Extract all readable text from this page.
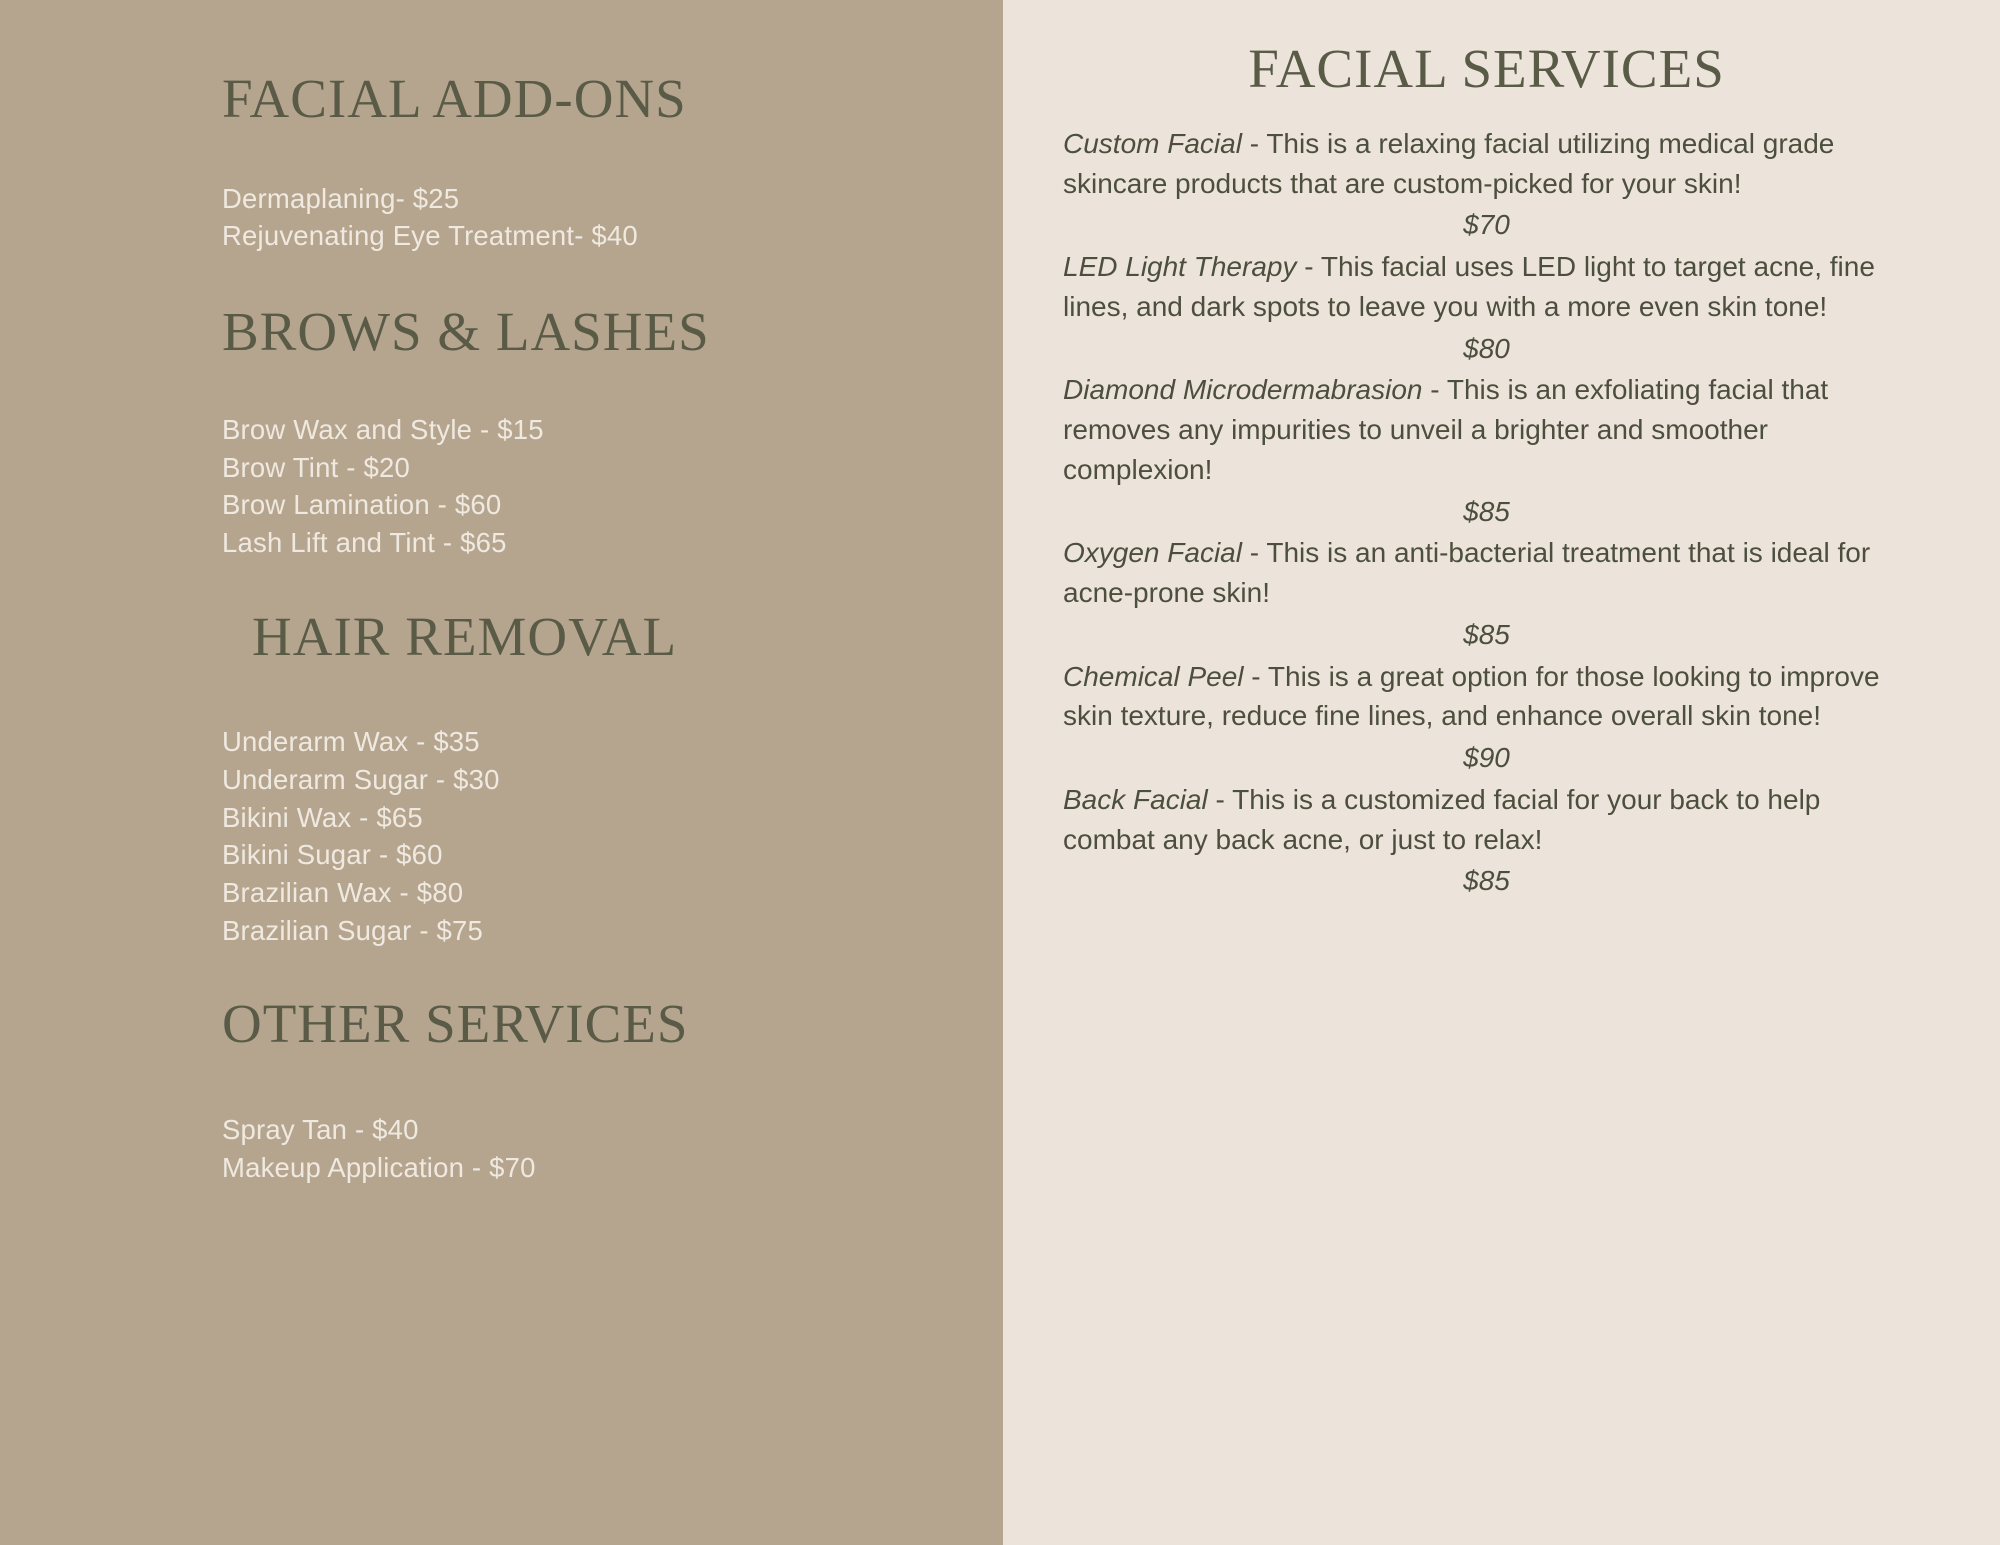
FACIAL ADD-ONS
Dermaplaning- $25
Rejuvenating Eye Treatment- $40
BROWS & LASHES
Brow Wax and Style - $15
Brow Tint - $20
Brow Lamination - $60
Lash Lift and Tint - $65
HAIR REMOVAL
Underarm Wax - $35
Underarm Sugar - $30
Bikini Wax - $65
Bikini Sugar - $60
Brazilian Wax - $80
Brazilian Sugar - $75
OTHER SERVICES
Spray Tan - $40
Makeup Application - $70
FACIAL SERVICES

Custom Facial - This is a relaxing facial utilizing medical grade skincare products that are custom-picked for your skin!

$70

LED Light Therapy - This facial uses LED light to target acne, fine lines, and dark spots to leave you with a more even skin tone!

$80

Diamond Microdermabrasion - This is an exfoliating facial that removes any impurities to unveil a brighter and smoother complexion!

$85

Oxygen Facial - This is an anti-bacterial treatment that is ideal for acne-prone skin!

$85

Chemical Peel - This is a great option for those looking to improve skin texture, reduce fine lines, and enhance overall skin tone!

$90

Back Facial - This is a customized facial for your back to help combat any back acne, or just to relax!

$85
